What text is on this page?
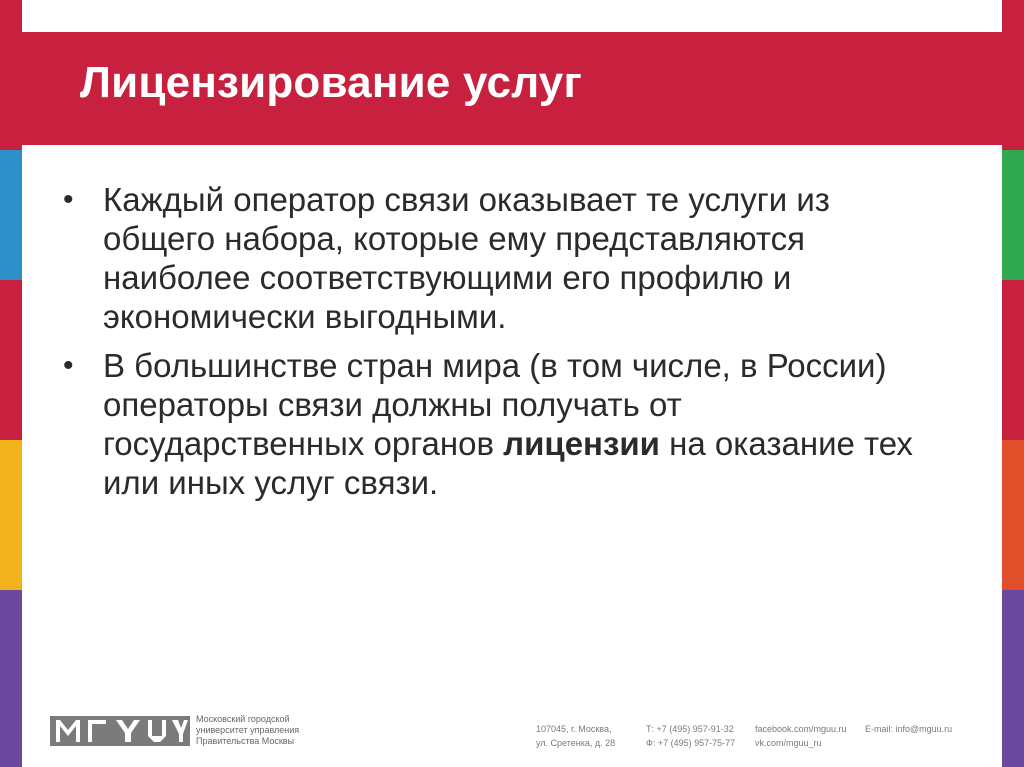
Лицензирование услуг
• Каждый оператор связи оказывает те услуги из общего набора, которые ему представляются наиболее соответствующими его профилю и экономически выгодными.
• В большинстве стран мира (в том числе, в России) операторы связи должны получать от государственных органов лицензии на оказание тех или иных услуг связи.
Московский городской
университет управления
Правительства Москвы
107045, г. Москва,
ул. Сретенка, д. 28
Т: +7 (495) 957-91-32
Ф: +7 (495) 957-75-77
facebook.com/mguu.ru
vk.com/mguu_ru
E-mail: info@mguu.ru
